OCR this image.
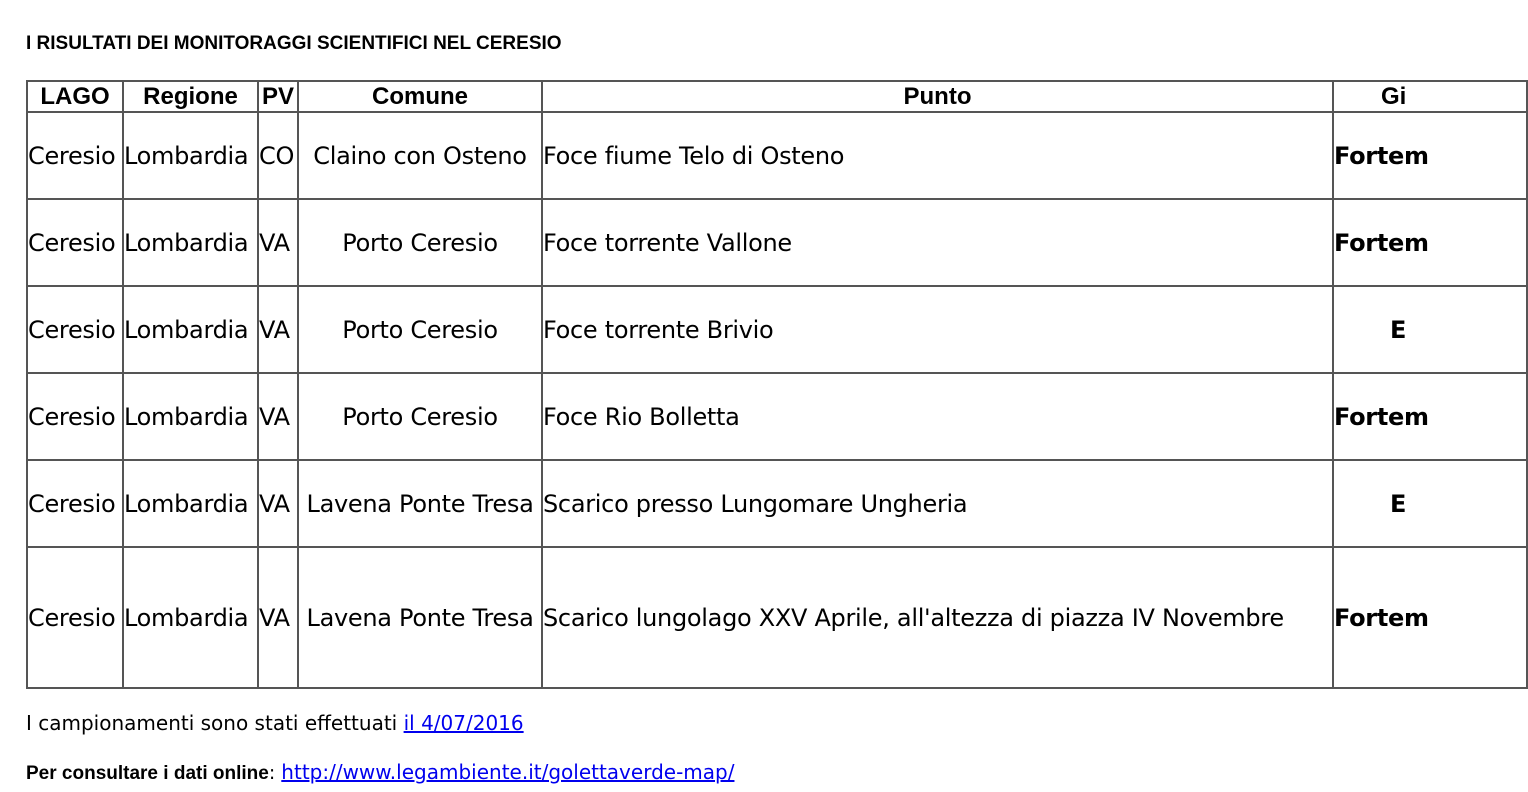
I RISULTATI DEI MONITORAGGI SCIENTIFICI NEL CERESIO
LAGO	Regione	PV	Comune	Punto	Gi
Ceresio	Lombardia	CO	Claino con Osteno	Foce fiume Telo di Osteno	Fortem
Ceresio	Lombardia	VA	Porto Ceresio	Foce torrente Vallone	Fortem
Ceresio	Lombardia	VA	Porto Ceresio	Foce torrente Brivio	E
Ceresio	Lombardia	VA	Porto Ceresio	Foce Rio Bolletta	Fortem
Ceresio	Lombardia	VA	Lavena Ponte Tresa	Scarico presso Lungomare Ungheria	E
Ceresio	Lombardia	VA	Lavena Ponte Tresa	Scarico lungolago XXV Aprile, all'altezza di piazza IV Novembre	Fortem
I campionamenti sono stati effettuati il 4/07/2016
Per consultare i dati online: http://www.legambiente.it/golettaverde-map/
